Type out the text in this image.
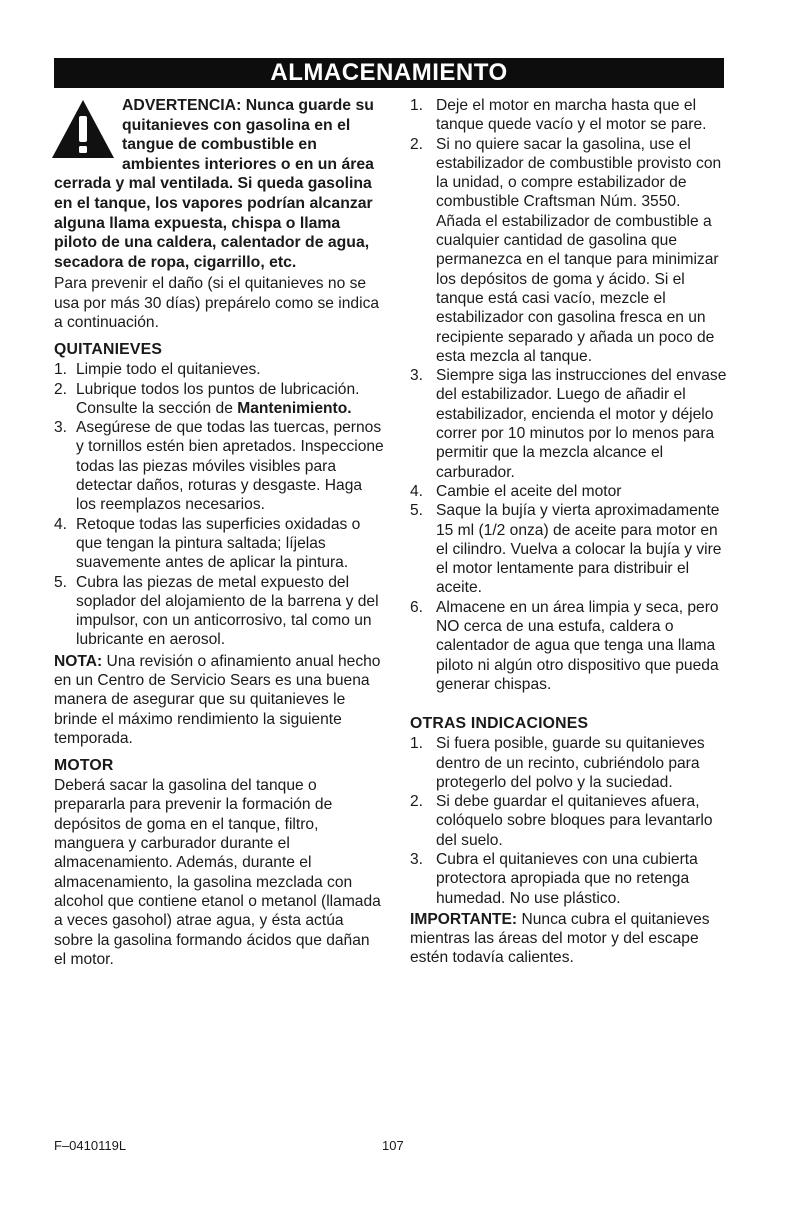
ALMACENAMIENTO

ADVERTENCIA: Nunca guarde su quitanieves con gasolina en el tangue de combustible en ambientes interiores o en un área cerrada y mal ventilada. Si queda gasolina en el tanque, los vapores podrían alcanzar alguna llama expuesta, chispa o llama piloto de una caldera, calentador de agua, secadora de ropa, cigarrillo, etc.

Para prevenir el daño (si el quitanieves no se usa por más 30 días) prepárelo como se indica a continuación.

QUITANIEVES
1. Limpie todo el quitanieves.
2. Lubrique todos los puntos de lubricación. Consulte la sección de Mantenimiento.
3. Asegúrese de que todas las tuercas, pernos y tornillos estén bien apretados. Inspeccione todas las piezas móviles visibles para detectar daños, roturas y desgaste. Haga los reemplazos necesarios.
4. Retoque todas las superficies oxidadas o que tengan la pintura saltada; líjelas suavemente antes de aplicar la pintura.
5. Cubra las piezas de metal expuesto del soplador del alojamiento de la barrena y del impulsor, con un anticorrosivo, tal como un lubricante en aerosol.

NOTA: Una revisión o afinamiento anual hecho en un Centro de Servicio Sears es una buena manera de asegurar que su quitanieves le brinde el máximo rendimiento la siguiente temporada.

MOTOR

Deberá sacar la gasolina del tanque o prepararla para prevenir la formación de depósitos de goma en el tanque, filtro, manguera y carburador durante el almacenamiento. Además, durante el almacenamiento, la gasolina mezclada con alcohol que contiene etanol o metanol (llamada a veces gasohol) atrae agua, y ésta actúa sobre la gasolina formando ácidos que dañan el motor.

1. Deje el motor en marcha hasta que el tanque quede vacío y el motor se pare.
2. Si no quiere sacar la gasolina, use el estabilizador de combustible provisto con la unidad, o compre estabilizador de combustible Craftsman Núm. 3550. Añada el estabilizador de combustible a cualquier cantidad de gasolina que permanezca en el tanque para minimizar los depósitos de goma y ácido. Si el tanque está casi vacío, mezcle el estabilizador con gasolina fresca en un recipiente separado y añada un poco de esta mezcla al tanque.
3. Siempre siga las instrucciones del envase del estabilizador. Luego de añadir el estabilizador, encienda el motor y déjelo correr por 10 minutos por lo menos para permitir que la mezcla alcance el carburador.
4. Cambie el aceite del motor
5. Saque la bujía y vierta aproximadamente 15 ml (1/2 onza) de aceite para motor en el cilindro. Vuelva a colocar la bujía y vire el motor lentamente para distribuir el aceite.
6. Almacene en un área limpia y seca, pero NO cerca de una estufa, caldera o calentador de agua que tenga una llama piloto ni algún otro dispositivo que pueda generar chispas.
OTRAS INDICACIONES
1. Si fuera posible, guarde su quitanieves dentro de un recinto, cubriéndolo para protegerlo del polvo y la suciedad.
2. Si debe guardar el quitanieves afuera, colóquelo sobre bloques para levantarlo del suelo.
3. Cubra el quitanieves con una cubierta protectora apropiada que no retenga humedad. No use plástico.

IMPORTANTE: Nunca cubra el quitanieves mientras las áreas del motor y del escape estén todavía calientes.

F–0410119L	107
